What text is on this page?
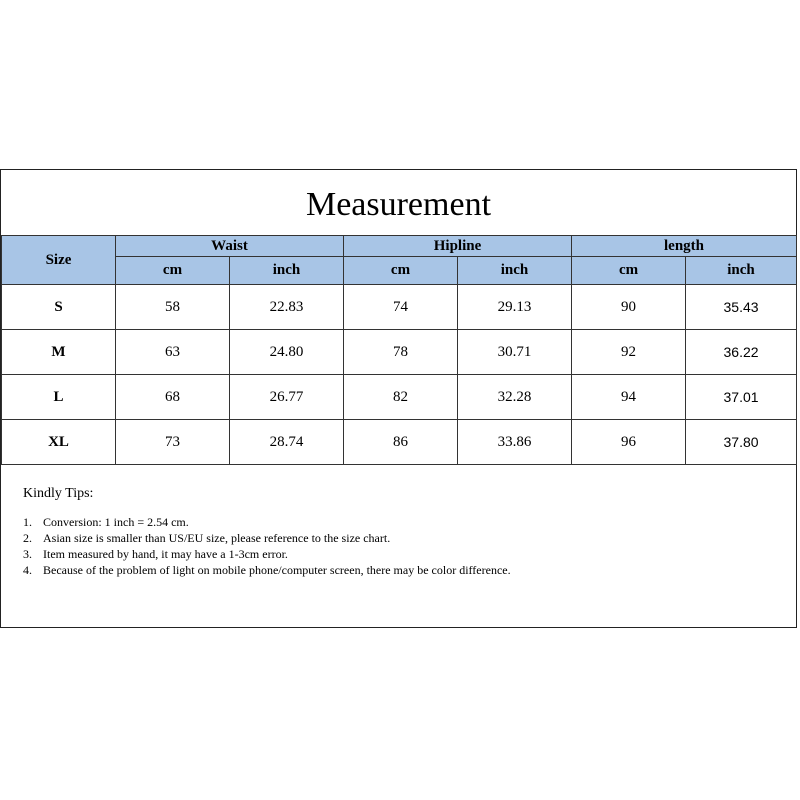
Measurement
Size	Waist		Hipline		length	
	cm	inch	cm	inch	cm	inch
S	58	22.83	74	29.13	90	35.43
M	63	24.80	78	30.71	92	36.22
L	68	26.77	82	32.28	94	37.01
XL	73	28.74	86	33.86	96	37.80
Kindly Tips:
1. Conversion: 1 inch = 2.54 cm.
2. Asian size is smaller than US/EU size, please reference to the size chart.
3. Item measured by hand, it may have a 1-3cm error.
4. Because of the problem of light on mobile phone/computer screen, there may be color difference.
